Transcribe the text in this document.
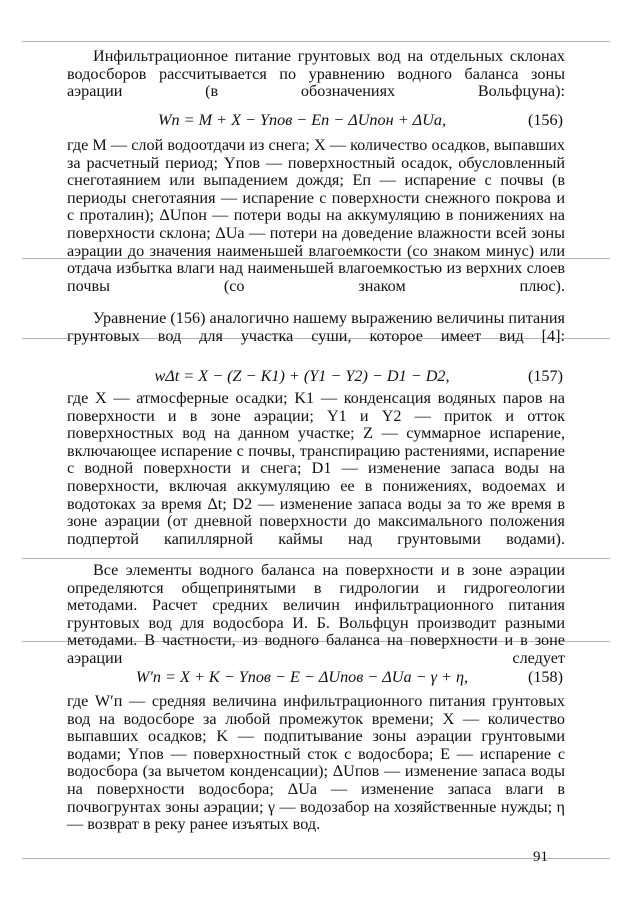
Инфильтрационное питание грунтовых вод на отдельных склонах водосборов рассчитывается по уравнению водного баланса зоны аэрации (в обозначениях Вольфцуна):
Wп = M + X − Yпов − Eп − ΔUпон + ΔUа,	(156)
где M — слой водоотдачи из снега; X — количество осадков, выпавших за расчетный период; Yпов — поверхностный осадок, обусловленный снеготаянием или выпадением дождя; Eп — испарение с почвы (в периоды снеготаяния — испарение с поверхности снежного покрова и с проталин); ΔUпон — потери воды на аккумуляцию в понижениях на поверхности склона; ΔUа — потери на доведение влажности всей зоны аэрации до значения наименьшей влагоемкости (со знаком минус) или отдача избытка влаги над наименьшей влагоемкостью из верхних слоев почвы (со знаком плюс).
Уравнение (156) аналогично нашему выражению величины питания грунтовых вод для участка суши, которое имеет вид [4]:
wΔt = X − (Z − K1) + (Y1 − Y2) − D1 − D2,	(157)
где X — атмосферные осадки; K1 — конденсация водяных паров на поверхности и в зоне аэрации; Y1 и Y2 — приток и отток поверхностных вод на данном участке; Z — суммарное испарение, включающее испарение с почвы, транспирацию растениями, испарение с водной поверхности и снега; D1 — изменение запаса воды на поверхности, включая аккумуляцию ее в понижениях, водоемах и водотоках за время Δt; D2 — изменение запаса воды за то же время в зоне аэрации (от дневной поверхности до максимального положения подпертой капиллярной каймы над грунтовыми водами).
Все элементы водного баланса на поверхности и в зоне аэрации определяются общепринятыми в гидрологии и гидрогеологии методами. Расчет средних величин инфильтрационного питания грунтовых вод для водосбора И. Б. Вольфцун производит разными методами. В частности, из водного баланса на поверхности и в зоне аэрации следует
W′п = X + K − Yпов − E − ΔUпов − ΔUа − γ + η,	(158)
где W′п — средняя величина инфильтрационного питания грунтовых вод на водосборе за любой промежуток времени; X — количество выпавших осадков; K — подпитывание зоны аэрации грунтовыми водами; Yпов — поверхностный сток с водосбора; E — испарение с водосбора (за вычетом конденсации); ΔUпов — изменение запаса воды на поверхности водосбора; ΔUа — изменение запаса влаги в почвогрунтах зоны аэрации; γ — водозабор на хозяйственные нужды; η — возврат в реку ранее изъятых вод.
91
